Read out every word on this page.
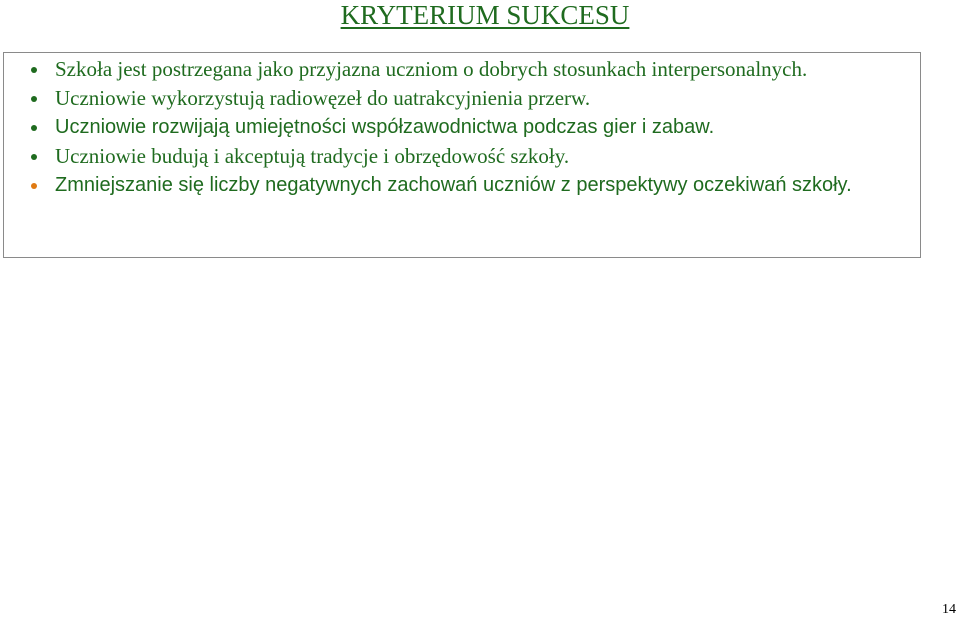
KRYTERIUM SUKCESU
Szkoła jest postrzegana jako przyjazna uczniom o dobrych stosunkach interpersonalnych.
Uczniowie wykorzystują radiowęzeł do uatrakcyjnienia przerw.
Uczniowie rozwijają umiejętności współzawodnictwa podczas gier i zabaw.
Uczniowie budują i akceptują tradycje i obrzędowość szkoły.
Zmniejszanie się liczby negatywnych zachowań uczniów z perspektywy oczekiwań szkoły.
14
